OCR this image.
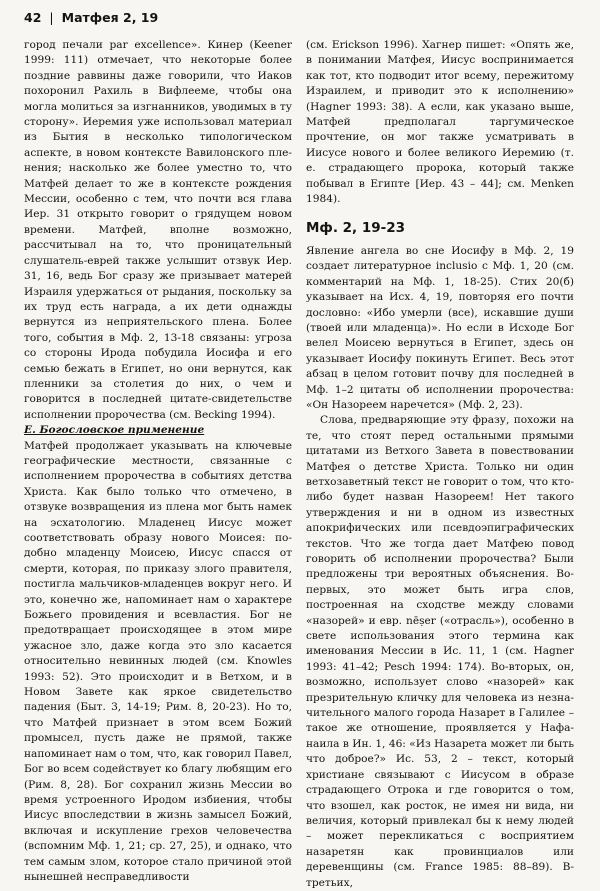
42 | Матфея 2, 19

город печали par excellence». Кинер (Keener 1999: 111) отмечает, что некоторые более поздние раввины даже говорили, что Иаков похоронил Рахиль в Вифлееме, чтобы она могла молиться за изгнанников, уводимых в ту сторону». Иеремия уже использовал материал из Бытия в несколько типологическом аспекте, в новом контексте Вавилонского пленения; насколько же более уместно то, что Матфей делает то же в контексте рождения Мессии, особенно с тем, что почти вся глава Иер. 31 открыто говорит о грядущем новом времени. Матфей, вполне возможно, рассчитывал на то, что проницательный слушатель-еврей также услышит отзвук Иер. 31, 16, ведь Бог сразу же призывает матерей Израиля удержаться от рыдания, поскольку за их труд есть награда, а их дети однажды вернутся из неприятельского плена. Более того, события в Мф. 2, 13-18 связаны: угроза со стороны Ирода побудила Иосифа и его семью бежать в Египет, но они вернутся, как пленники за столетия до них, о чем и говорится в последней цитате-свидетельстве исполнении пророчества (см. Becking 1994).

Е. Богословское применение

Матфей продолжает указывать на ключевые географические местности, связанные с исполнением пророчества в событиях детства Христа. Как было только что отмечено, в отзвуке возвращения из плена мог быть намек на эсхатологию. Младенец Иисус может соответствовать образу нового Моисея: подобно младенцу Моисею, Иисус спасся от смерти, которая, по приказу злого правителя, постигла мальчиков-младенцев вокруг него. И это, конечно же, напоминает нам о характере Божьего провидения и всевластия. Бог не предотвращает происходящее в этом мире ужасное зло, даже когда это зло касается относительно невинных людей (см. Knowles 1993: 52). Это происходит и в Ветхом, и в Новом Завете как яркое свидетельство падения (Быт. 3, 14-19; Рим. 8, 20-23). Но то, что Матфей признает в этом всем Божий промысел, пусть даже не прямой, также напоминает нам о том, что, как говорил Павел, Бог во всем содействует ко благу любящим его (Рим. 8, 28). Бог сохранил жизнь Мессии во время устроенного Иродом избиения, чтобы Иисус впоследствии в жизнь замысел Божий, включая и искупление грехов человечества (вспомним Мф. 1, 21; ср. 27, 25), и однако, что тем самым злом, которое стало причиной этой нынешней несправедливости

(см. Erickson 1996). Хагнер пишет: «Опять же, в понимании Матфея, Иисус воспринимается как тот, кто подводит итог всему, пережитому Израилем, и приводит это к исполнению» (Hagner 1993: 38). А если, как указано выше, Матфей предполагал таргумическое прочтение, он мог также усматривать в Иисусе нового и более великого Иеремию (т. е. страдающего пророка, который также побывал в Египте [Иер. 43 – 44]; см. Menken 1984).

Мф. 2, 19-23

Явление ангела во сне Иосифу в Мф. 2, 19 создает литературное inclusio с Мф. 1, 20 (см. комментарий на Мф. 1, 18-25). Стих 20(б) указывает на Исх. 4, 19, повторяя его почти дословно: «Ибо умерли (все), искавшие души (твоей или младенца)». Но если в Исходе Бог велел Моисею вернуться в Египет, здесь он указывает Иосифу покинуть Египет. Весь этот абзац в целом готовит почву для последней в Мф. 1–2 цитаты об исполнении пророчества: «Он Назореем наречется» (Мф. 2, 23).

Слова, предваряющие эту фразу, похожи на те, что стоят перед остальными прямыми цитатами из Ветхого Завета в повествовании Матфея о детстве Христа. Только ни один ветхозаветный текст не говорит о том, что кто-либо будет назван Назореем! Нет такого утверждения и ни в одном из известных апокрифических или псевдоэпиграфических текстов. Что же тогда дает Матфею повод говорить об исполнении пророчества? Были предложены три вероятных объяснения. Во-первых, это может быть игра слов, построенная на сходстве между словами «назорей» и евр. nēṣer («отрасль»), особенно в свете использования этого термина как именования Мессии в Ис. 11, 1 (см. Hagner 1993: 41–42; Pesch 1994: 174). Во-вторых, он, возможно, использует слово «назорей» как презрительную кличку для человека из незначительного малого города Назарет в Галилее – такое же отношение, проявляется у Нафанаила в Ин. 1, 46: «Из Назарета может ли быть что доброе?» Ис. 53, 2 – текст, который христиане связывают с Иисусом в образе страдающего Отрока и где говорится о том, что взошел, как росток, не имея ни вида, ни величия, который привлекал бы к нему людей – может перекликаться с восприятием назаретян как провинциалов или деревенщины (см. France 1985: 88–89). В-третьих,
